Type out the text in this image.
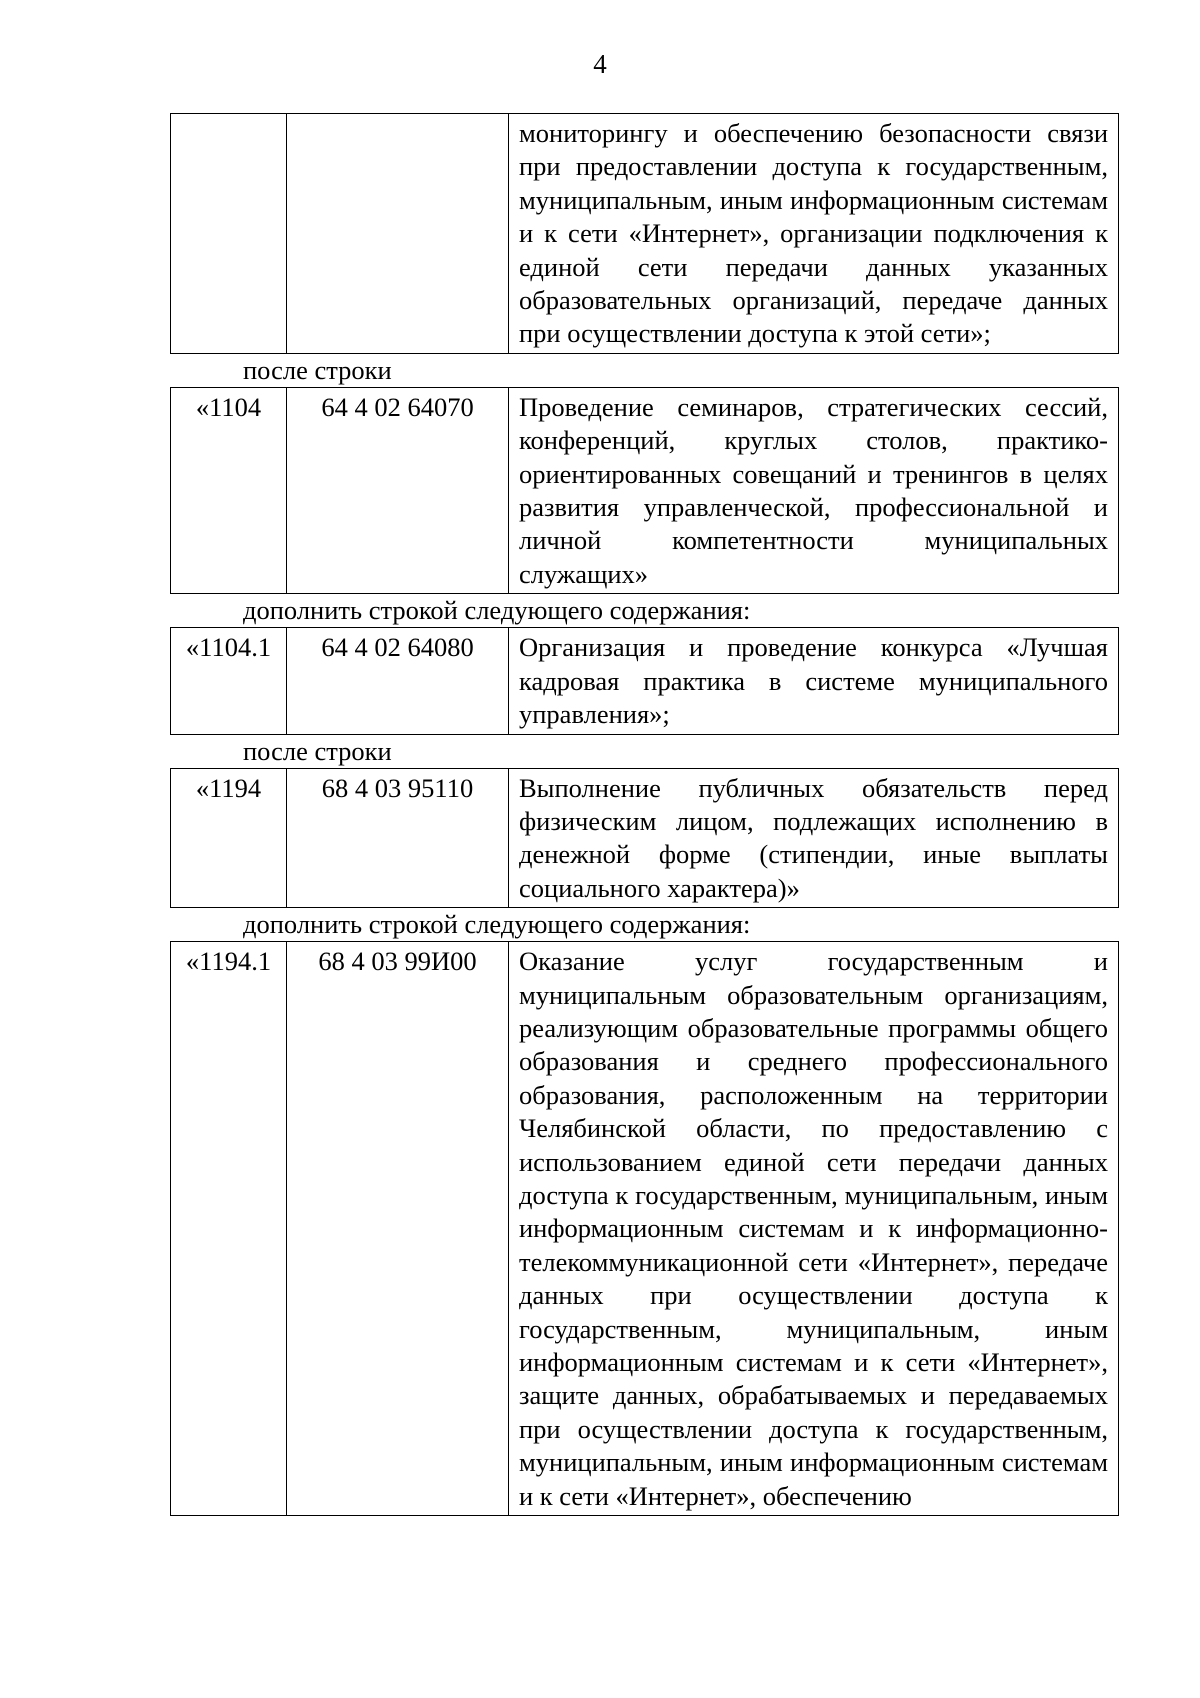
4
		мониторингу и обеспечению безопасности связи при предоставлении доступа к государственным, муниципальным, иным информационным системам и к сети «Интернет», организации подключения к единой сети передачи данных указанных образовательных организаций, передаче данных при осуществлении доступа к этой сети»;
после строки
«1104	64 4 02 64070	Проведение семинаров, стратегических сессий, конференций, круглых столов, практико-ориентированных совещаний и тренингов в целях развития управленческой, профессиональной и личной компетентности муниципальных служащих»
дополнить строкой следующего содержания:
«1104.1	64 4 02 64080	Организация и проведение конкурса «Лучшая кадровая практика в системе муниципального управления»;
после строки
«1194	68 4 03 95110	Выполнение публичных обязательств перед физическим лицом, подлежащих исполнению в денежной форме (стипендии, иные выплаты социального характера)»
дополнить строкой следующего содержания:
«1194.1	68 4 03 99И00	Оказание услуг государственным и муниципальным образовательным организациям, реализующим образовательные программы общего образования и среднего профессионального образования, расположенным на территории Челябинской области, по предоставлению с использованием единой сети передачи данных доступа к государственным, муниципальным, иным информационным системам и к информационно-телекоммуникационной сети «Интернет», передаче данных при осуществлении доступа к государственным, муниципальным, иным информационным системам и к сети «Интернет», защите данных, обрабатываемых и передаваемых при осуществлении доступа к государственным, муниципальным, иным информационным системам и к сети «Интернет», обеспечению
